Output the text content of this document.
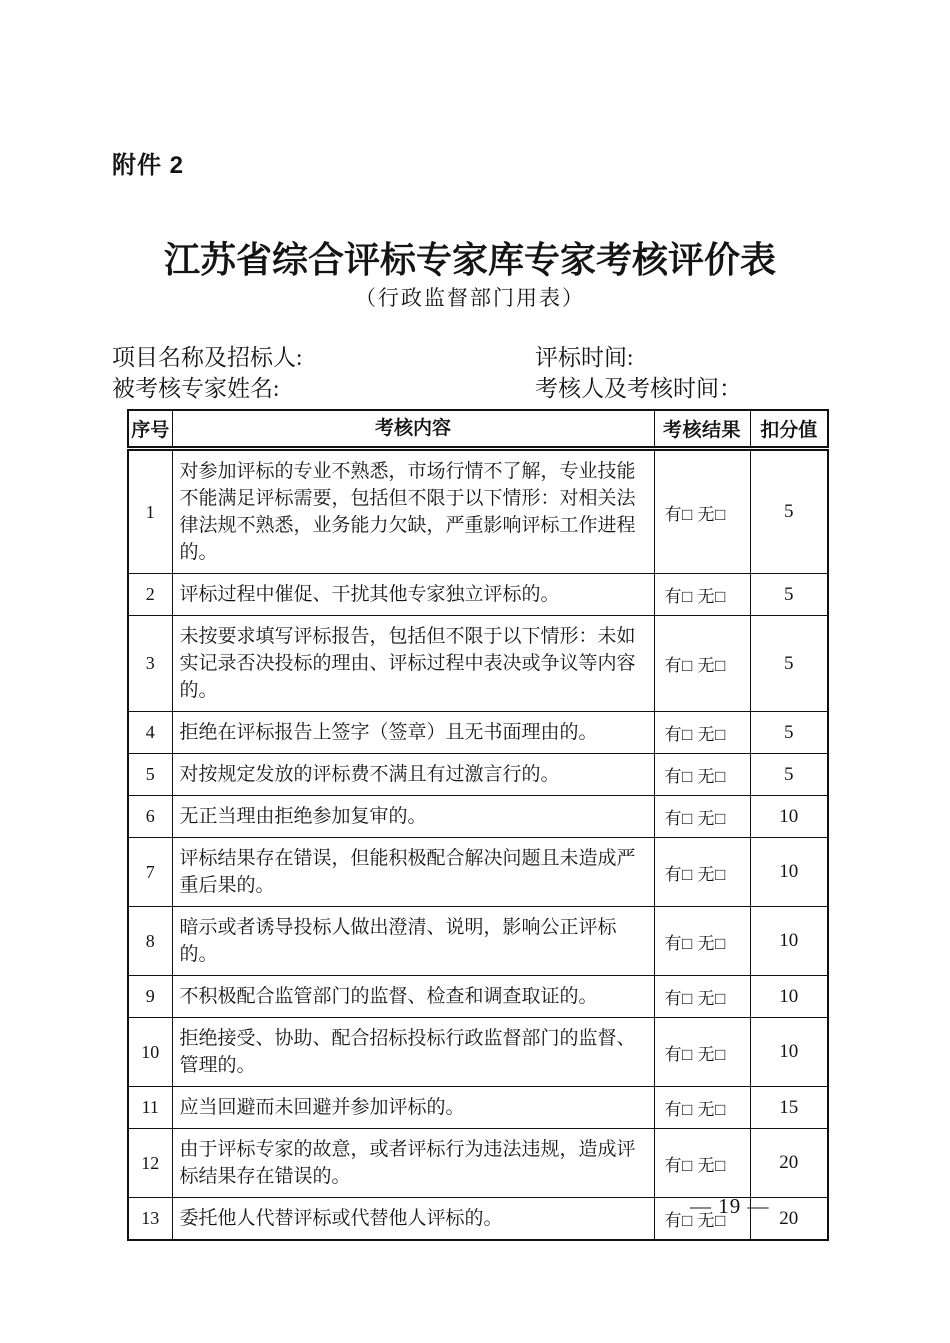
附件 2
江苏省综合评标专家库专家考核评价表
（行政监督部门用表）
项目名称及招标人:	评标时间:
被考核专家姓名:	考核人及考核时间：
序号	考核内容	考核结果	扣分值
1	对参加评标的专业不熟悉，市场行情不了解，专业技能不能满足评标需要，包括但不限于以下情形：对相关法律法规不熟悉，业务能力欠缺，严重影响评标工作进程的。	有□ 无□	5
2	评标过程中催促、干扰其他专家独立评标的。	有□ 无□	5
3	未按要求填写评标报告，包括但不限于以下情形：未如实记录否决投标的理由、评标过程中表决或争议等内容的。	有□ 无□	5
4	拒绝在评标报告上签字（签章）且无书面理由的。	有□ 无□	5
5	对按规定发放的评标费不满且有过激言行的。	有□ 无□	5
6	无正当理由拒绝参加复审的。	有□ 无□	10
7	评标结果存在错误，但能积极配合解决问题且未造成严重后果的。	有□ 无□	10
8	暗示或者诱导投标人做出澄清、说明，影响公正评标的。	有□ 无□	10
9	不积极配合监管部门的监督、检查和调查取证的。	有□ 无□	10
10	拒绝接受、协助、配合招标投标行政监督部门的监督、管理的。	有□ 无□	10
11	应当回避而未回避并参加评标的。	有□ 无□	15
12	由于评标专家的故意，或者评标行为违法违规，造成评标结果存在错误的。	有□ 无□	20
13	委托他人代替评标或代替他人评标的。	有□ 无□	20
— 19 —
